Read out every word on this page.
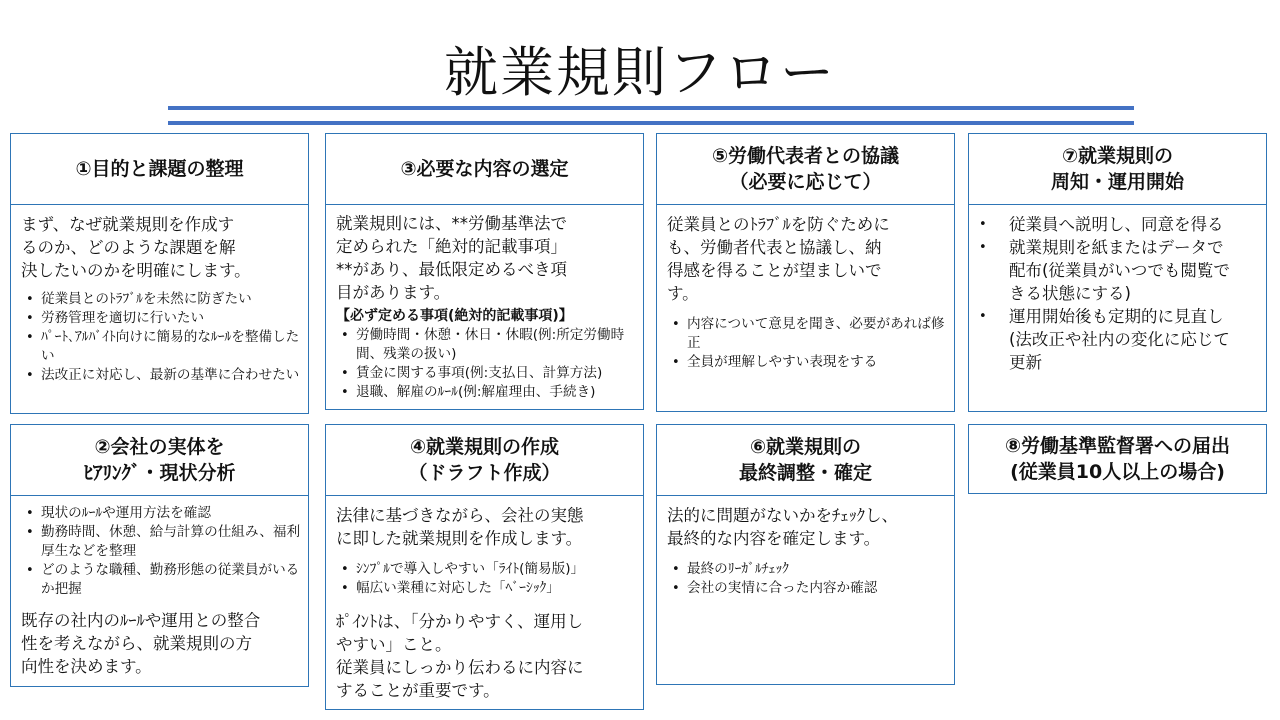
就業規則フロー
①目的と課題の整理
まず、なぜ就業規則を作成す
るのか、どのような課題を解
決したいのかを明確にします。
• 従業員とのﾄﾗﾌﾞﾙを未然に防ぎたい
• 労務管理を適切に行いたい
• ﾊﾟｰﾄ､ｱﾙﾊﾞｲﾄ向けに簡易的なﾙｰﾙを整備したい
• 法改正に対応し、最新の基準に合わせたい
②会社の実体を
ﾋｱﾘﾝｸﾞ・現状分析
• 現状のﾙｰﾙや運用方法を確認
• 勤務時間、休憩、給与計算の仕組み、福利厚生などを整理
• どのような職種、勤務形態の従業員がいるか把握
既存の社内のﾙｰﾙや運用との整合
性を考えながら、就業規則の方
向性を決めます。
③必要な内容の選定
就業規則には、**労働基準法で
定められた「絶対的記載事項」
**があり、最低限定めるべき項
目があります。
【必ず定める事項(絶対的記載事項)】
• 労働時間・休憩・休日・休暇(例:所定労働時間、残業の扱い)
• 賃金に関する事項(例:支払日、計算方法)
• 退職、解雇のﾙｰﾙ(例:解雇理由、手続き)
④就業規則の作成
（ドラフト作成）
法律に基づきながら、会社の実態
に即した就業規則を作成します。
• ｼﾝﾌﾟﾙで導入しやすい「ﾗｲﾄ(簡易版)」
• 幅広い業種に対応した「ﾍﾞｰｼｯｸ」
ﾎﾟｲﾝﾄは、「分かりやすく、運用し
やすい」こと。
従業員にしっかり伝わるに内容に
することが重要です。
⑤労働代表者との協議
（必要に応じて）
従業員とのﾄﾗﾌﾞﾙを防ぐために
も、労働者代表と協議し、納
得感を得ることが望ましいで
す。
• 内容について意見を聞き、必要があれば修正
• 全員が理解しやすい表現をする
⑥就業規則の
最終調整・確定
法的に問題がないかをﾁｪｯｸし、
最終的な内容を確定します。
• 最終のﾘｰｶﾞﾙﾁｪｯｸ
• 会社の実情に合った内容か確認
⑦就業規則の
周知・運用開始
• 従業員へ説明し、同意を得る
• 就業規則を紙またはデータで配布(従業員がいつでも閲覧できる状態にする)
• 運用開始後も定期的に見直し(法改正や社内の変化に応じて更新
⑧労働基準監督署への届出
(従業員10人以上の場合)
